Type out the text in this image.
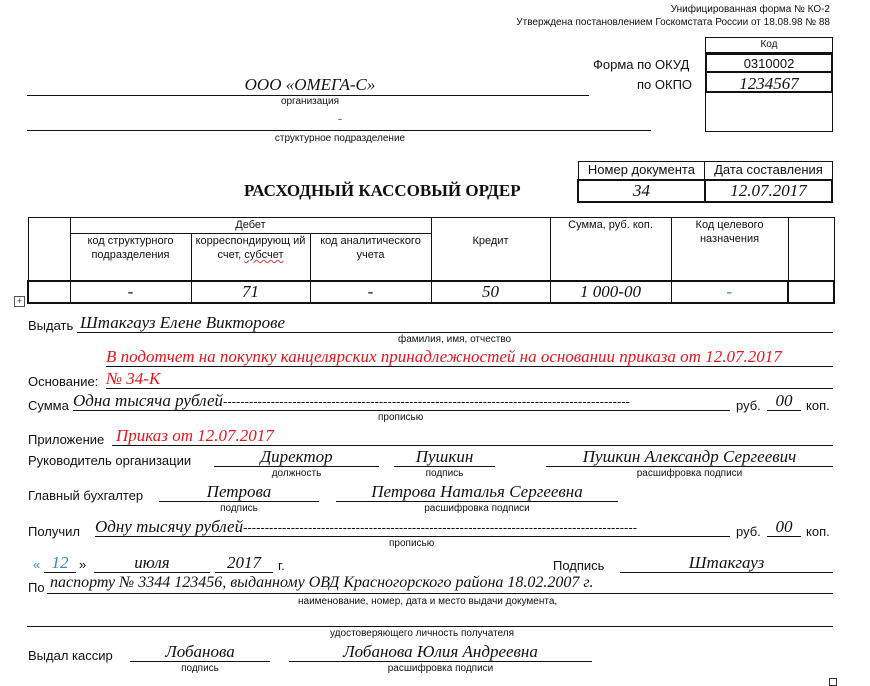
Унифицированная форма № КО-2
Утверждена постановлением Госкомстата России от 18.08.98 № 88
Код
0310002
1234567
Форма по ОКУД
по ОКПО
ООО «ОМЕГА-С»
организация
-
структурное подразделение
РАСХОДНЫЙ КАССОВЫЙ ОРДЕР
Номер документа	Дата составления
34	12.07.2017
	Дебет				Сумма, руб. коп.	Код целевого назначения	
	код структурного подразделения	корреспондирующ ий счет, субсчет	код аналитического учета	Кредит			
	-	71	-	50	1 000-00	-	
+
Выдать Штакгауз Елене Викторове
фамилия, имя, отчество
В подотчет на покупку канцелярских принадлежностей на основании приказа от 12.07.2017
Основание: № 34-К
Сумма Одна тысяча рублей----------------------------------------------------------------------------------------------	руб. 00	коп.
прописью
Приложение Приказ от 12.07.2017
Руководитель организации	Директор
должность
Пушкин
подпись
Пушкин Александр Сергеевич
расшифровка подписи
Главный бухгалтер	Петрова
подпись
Петрова Наталья Сергеевна
расшифровка подписи
Получил Одну тысячу рублей-------------------------------------------------------------------------------------------	руб. 00	коп.
прописью
« 12 »	июля	2017	г.	Подпись	Штакгауз
По паспорту № 3344 123456, выданному ОВД Красногорского района 18.02.2007 г.
наименование, номер, дата и место выдачи документа,
удостоверяющего личность получателя
Выдал кассир	Лобанова
подпись
Лобанова Юлия Андреевна
расшифровка подписи
